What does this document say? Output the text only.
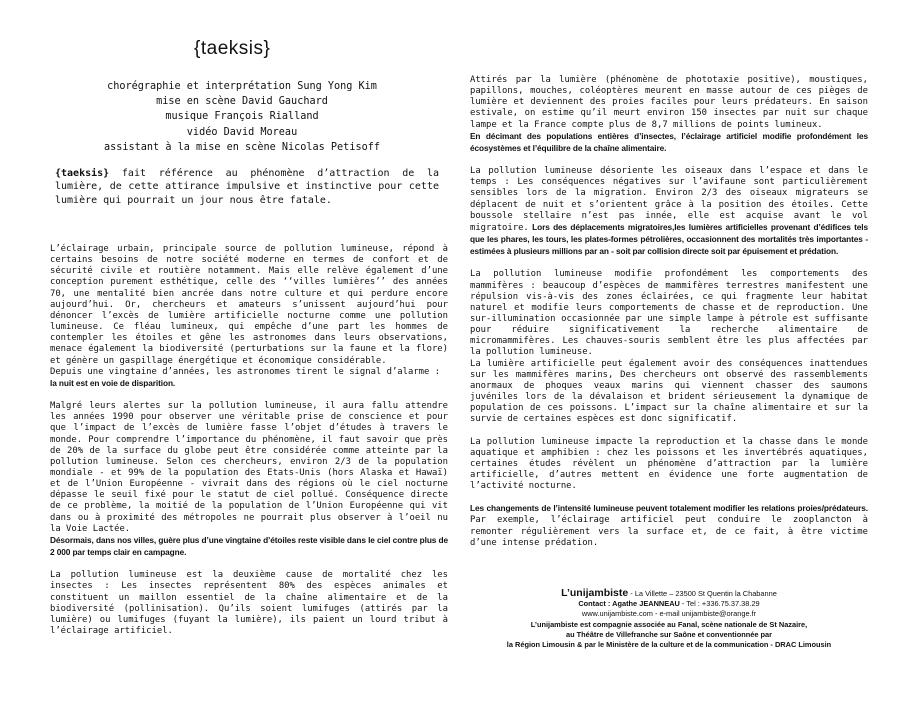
{taeksis}
chorégraphie et interprétation Sung Yong Kim
mise en scène David Gauchard
musique François Rialland
vidéo David Moreau
assistant à la mise en scène Nicolas Petisoff
{taeksis} fait référence au phénomène d’attraction de la lumière, de cette attirance impulsive et instinctive pour cette lumière qui pourrait un jour nous être fatale.

L’éclairage urbain, principale source de pollution lumineuse, répond à certains besoins de notre société moderne en termes de confort et de sécurité civile et routière notamment. Mais elle relève également d’une conception purement esthétique, celle des ‘‘villes lumières’’ des années 70, une mentalité bien ancrée dans notre culture et qui perdure encore aujourd’hui. Or, chercheurs et amateurs s’unissent aujourd’hui pour dénoncer l’excès de lumière artificielle nocturne comme une pollution lumineuse. Ce fléau lumineux, qui empêche d’une part les hommes de contempler les étoiles et gêne les astronomes dans leurs observations, menace également la biodiversité (perturbations sur la faune et la flore) et génère un gaspillage énergétique et économique considérable.
Depuis une vingtaine d’années, les astronomes tirent le signal d’alarme :
la nuit est en voie de disparition.

Malgré leurs alertes sur la pollution lumineuse, il aura fallu attendre les années 1990 pour observer une véritable prise de conscience et pour que l’impact de l’excès de lumière fasse l’objet d’études à travers le monde. Pour comprendre l’importance du phénomène, il faut savoir que près de 20% de la surface du globe peut être considérée comme atteinte par la pollution lumineuse. Selon ces chercheurs, environ 2/3 de la population mondiale - et 99% de la population des Etats-Unis (hors Alaska et Hawaï) et de l’Union Européenne - vivrait dans des régions où le ciel nocturne dépasse le seuil fixé pour le statut de ciel pollué. Conséquence directe de ce problème, la moitié de la population de l’Union Européenne qui vit dans ou à proximité des métropoles ne pourrait plus observer à l’oeil nu la Voie Lactée.
Désormais, dans nos villes, guère plus d’une vingtaine d’étoiles reste visible dans le ciel contre plus de 2 000 par temps clair en campagne.

La pollution lumineuse est la deuxième cause de mortalité chez les insectes : Les insectes représentent 80% des espèces animales et constituent un maillon essentiel de la chaîne alimentaire et de la biodiversité (pollinisation). Qu’ils soient lumifuges (attirés par la lumière) ou lumifuges (fuyant la lumière), ils paient un lourd tribut à l’éclairage artificiel.

Attirés par la lumière (phénomène de phototaxie positive), moustiques, papillons, mouches, coléoptères meurent en masse autour de ces pièges de lumière et deviennent des proies faciles pour leurs prédateurs. En saison estivale, on estime qu’il meurt environ 150 insectes par nuit sur chaque lampe et la France compte plus de 8,7 millions de points lumineux.
En décimant des populations entières d’insectes, l’éclairage artificiel modifie profondément les écosystèmes et l’équilibre de la chaîne alimentaire.

La pollution lumineuse désoriente les oiseaux dans l’espace et dans le temps : Les conséquences négatives sur l’avifaune sont particulièrement sensibles lors de la migration. Environ 2/3 des oiseaux migrateurs se déplacent de nuit et s’orientent grâce à la position des étoiles. Cette boussole stellaire n’est pas innée, elle est acquise avant le vol migratoire. Lors des déplacements migratoires,les lumières artificielles provenant d’édifices tels que les phares, les tours, les plates-formes pétrolières, occasionnent des mortalités très importantes - estimées à plusieurs millions par an - soit par collision directe soit par épuisement et prédation.

La pollution lumineuse modifie profondément les comportements des mammifères : beaucoup d’espèces de mammifères terrestres manifestent une répulsion vis-à-vis des zones éclairées, ce qui fragmente leur habitat naturel et modifie leurs comportements de chasse et de reproduction. Une sur-illumination occasionnée par une simple lampe à pétrole est suffisante pour réduire significativement la recherche alimentaire de micromammifères. Les chauves-souris semblent être les plus affectées par la pollution lumineuse.
La lumière artificielle peut également avoir des conséquences inattendues sur les mammifères marins, Des chercheurs ont observé des rassemblements anormaux de phoques veaux marins qui viennent chasser des saumons juvéniles lors de la dévalaison et brident sérieusement la dynamique de population de ces poissons. L’impact sur la chaîne alimentaire et sur la survie de certaines espèces est donc significatif.

La pollution lumineuse impacte la reproduction et la chasse dans le monde aquatique et amphibien : chez les poissons et les invertébrés aquatiques, certaines études révèlent un phénomène d’attraction par la lumière artificielle, d’autres mettent en évidence une forte augmentation de l’activité nocturne.

Les changements de l’intensité lumineuse peuvent totalement modifier les relations proies/prédateurs. Par exemple, l’éclairage artificiel peut conduire le zooplancton à remonter régulièrement vers la surface et, de ce fait, à être victime d’une intense prédation.

L’unijambiste - La Villette – 23500 St Quentin la Chabanne
Contact : Agathe JEANNEAU - Tel : +336.75.37.38.29
www.unijambiste.com - e-mail unijambiste@orange.fr
L’unijambiste est compagnie associée au Fanal, scène nationale de St Nazaire,
au Théâtre de Villefranche sur Saône et conventionnée par
la Région Limousin & par le Ministère de la culture et de la communication - DRAC Limousin
